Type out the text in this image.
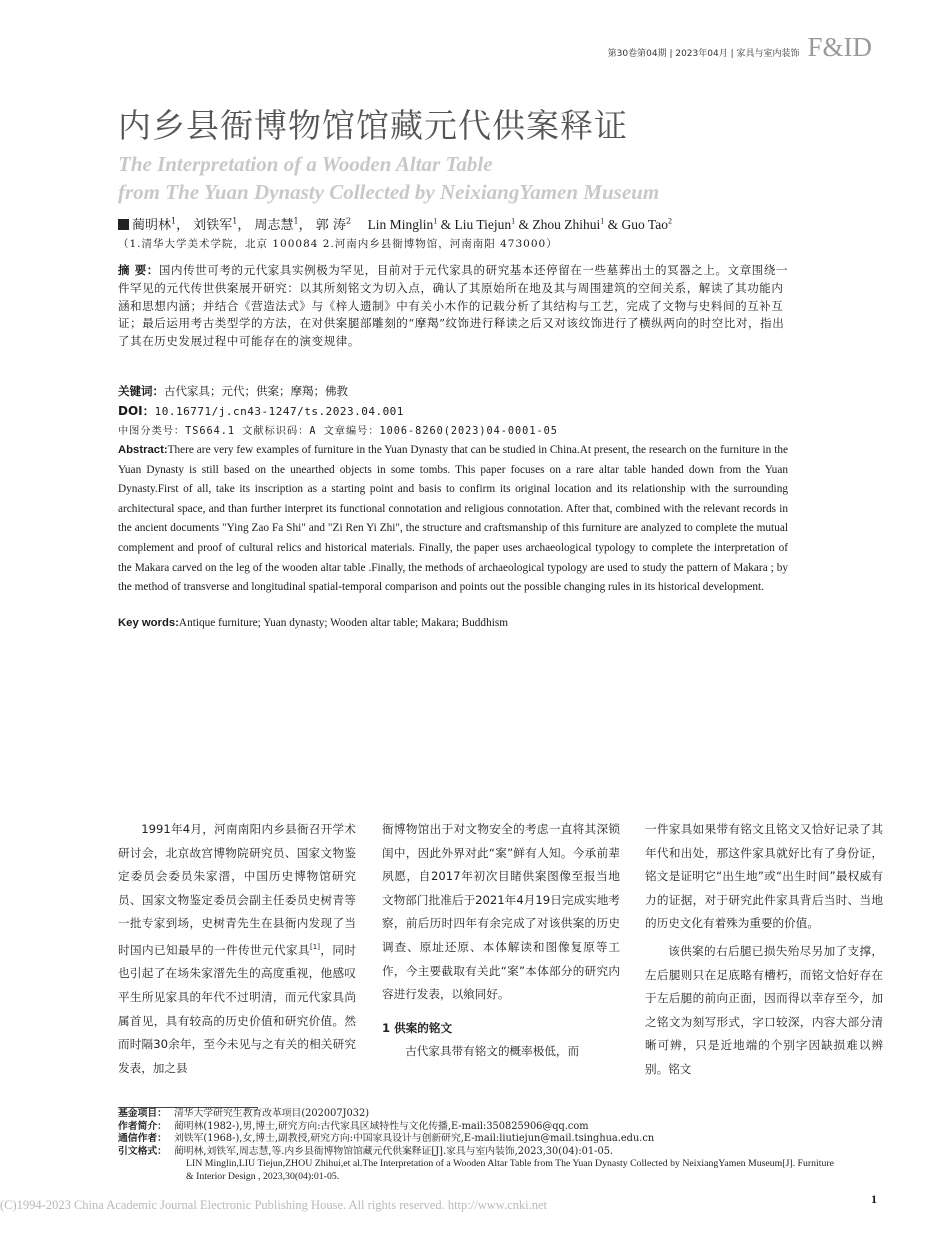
第30卷第04期 | 2023年04月 | 家具与室内装饰 F&ID
内乡县衙博物馆馆藏元代供案释证
The Interpretation of a Wooden Altar Table
from The Yuan Dynasty Collected by NeixiangYamen Museum
蔺明林$^1$， 刘铁军$^1$， 周志慧$^1$， 郭 涛$^2$ Lin Minglin$^1$ & Liu Tiejun$^1$ & Zhou Zhihui$^1$ & Guo Tao$^2$
（1.清华大学美术学院，北京 100084 2.河南内乡县衙博物馆，河南南阳 473000）
摘 要：国内传世可考的元代家具实例极为罕见，目前对于元代家具的研究基本还停留在一些墓葬出土的冥器之上。文章围绕一件罕见的元代传世供案展开研究：以其所刻铭文为切入点，确认了其原始所在地及其与周围建筑的空间关系，解读了其功能内涵和思想内涵；并结合《营造法式》与《梓人遗制》中有关小木作的记载分析了其结构与工艺，完成了文物与史料间的互补互证；最后运用考古类型学的方法，在对供案腿部雕刻的“摩羯”纹饰进行释读之后又对该纹饰进行了横纵两向的时空比对，指出了其在历史发展过程中可能存在的演变规律。
关键词：古代家具；元代；供案；摩羯；佛教
DOI：10.16771/j.cn43-1247/ts.2023.04.001
中图分类号：TS664.1 文献标识码：A 文章编号：1006-8260(2023)04-0001-05
Abstract:There are very few examples of furniture in the Yuan Dynasty that can be studied in China.At present, the research on the furniture in the Yuan Dynasty is still based on the unearthed objects in some tombs. This paper focuses on a rare altar table handed down from the Yuan Dynasty.First of all, take its inscription as a starting point and basis to confirm its original location and its relationship with the surrounding architectural space, and than further interpret its functional connotation and religious connotation. After that, combined with the relevant records in the ancient documents "Ying Zao Fa Shi" and "Zi Ren Yi Zhi", the structure and craftsmanship of this furniture are analyzed to complete the mutual complement and proof of cultural relics and historical materials. Finally, the paper uses archaeological typology to complete the interpretation of the Makara carved on the leg of the wooden altar table .Finally, the methods of archaeological typology are used to study the pattern of Makara ; by the method of transverse and longitudinal spatial-temporal comparison and points out the possible changing rules in its historical development.
Key words:Antique furniture; Yuan dynasty; Wooden altar table; Makara; Buddhism

1991年4月，河南南阳内乡县衙召开学术研讨会，北京故宫博物院研究员、国家文物鉴定委员会委员朱家溍，中国历史博物馆研究员、国家文物鉴定委员会副主任委员史树青等一批专家到场，史树青先生在县衙内发现了当时国内已知最早的一件传世元代家具[1]，同时也引起了在场朱家溍先生的高度重视，他感叹平生所见家具的年代不过明清，而元代家具尚属首见，具有较高的历史价值和研究价值。然而时隔30余年，至今未见与之有关的相关研究发表，加之县

衙博物馆出于对文物安全的考虑一直将其深锁闺中，因此外界对此“案”鲜有人知。今承前辈夙愿，自2017年初次目睹供案图像至报当地文物部门批准后于2021年4月19日完成实地考察，前后历时四年有余完成了对该供案的历史调查、原址还原、本体解读和图像复原等工作，今主要截取有关此“案”本体部分的研究内容进行发表，以飨同好。

1 供案的铭文

古代家具带有铭文的概率极低，而

一件家具如果带有铭文且铭文又恰好记录了其年代和出处，那这件家具就好比有了身份证，铭文是证明它“出生地”或“出生时间”最权威有力的证据，对于研究此件家具背后当时、当地的历史文化有着殊为重要的价值。

该供案的右后腿已损失殆尽另加了支撑，左后腿则只在足底略有槽朽，而铭文恰好存在于左后腿的前向正面，因而得以幸存至今，加之铭文为刻写形式，字口较深，内容大部分清晰可辨，只是近地端的个别字因缺损难以辨别。铭文

基金项目： 清华大学研究生教育改革项目(202007J032)
作者简介： 蔺明林(1982-),男,博士,研究方向:古代家具区域特性与文化传播,E-mail:350825906@qq.com
通信作者： 刘铁军(1968-),女,博士,副教授,研究方向:中国家具设计与创新研究,E-mail:liutiejun@mail.tsinghua.edu.cn
引文格式： 蔺明林,刘铁军,周志慧,等.内乡县衙博物馆馆藏元代供案释证[J].家具与室内装饰,2023,30(04):01-05.
LIN Minglin,LIU Tiejun,ZHOU Zhihui,et al.The Interpretation of a Wooden Altar Table from The Yuan Dynasty Collected by NeixiangYamen Museum[J]. Furniture & Interior Design , 2023,30(04):01-05.
1
(C)1994-2023 China Academic Journal Electronic Publishing House. All rights reserved. http://www.cnki.net
